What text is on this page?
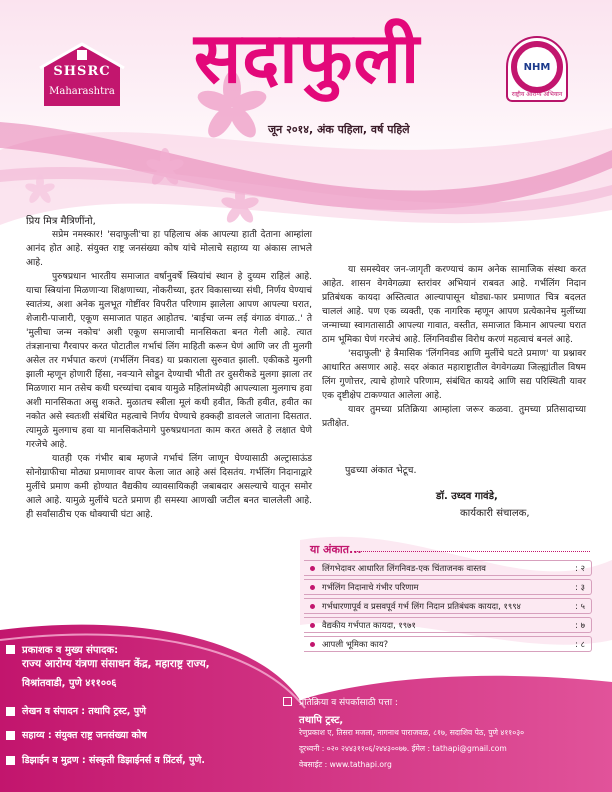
SHSRC
Maharashtra	सदाफुली	NHM
राष्ट्रीय आरोग्य अभियान
जून २०१४, अंक पहिला, वर्ष पहिले
प्रिय मित्र मैत्रिणींनो,

सप्रेम नमस्कार! 'सदाफुली'चा हा पहिलाच अंक आपल्या हाती देताना आम्हांला आनंद होत आहे. संयुक्त राष्ट्र जनसंख्या कोष यांचे मोलाचे सहाय्य या अंकास लाभले आहे.

पुरुषप्रधान भारतीय समाजात वर्षानुवर्षे स्त्रियांचं स्थान हे दुय्यम राहिलं आहे. याचा स्त्रियांना मिळणाऱ्या शिक्षणाच्या, नोकरीच्या, इतर विकासाच्या संधी, निर्णय घेण्याचं स्वातंत्र्य, अशा अनेक मुलभूत गोष्टींवर विपरीत परिणाम झालेला आपण आपल्या घरात, शेजारी-पाजारी, एकूण समाजात पाहत आहोतच. 'बाईचा जन्म लई वंगाळ वंगाळ..' ते 'मुलीचा जन्म नकोच' अशी एकूण समाजाची मानसिकता बनत गेली आहे. त्यात तंत्रज्ञानाचा गैरवापर करत पोटातील गर्भाचं लिंग माहिती करून घेणं आणि जर ती मुलगी असेल तर गर्भपात करणं (गर्भलिंग निवड) या प्रकाराला सुरुवात झाली. एकीकडे मुलगी झाली म्हणून होणारी हिंसा, नवऱ्याने सोडून देण्याची भीती तर दुसरीकडे मुलगा झाला तर मिळणारा मान तसेच कधी घरच्यांचा दबाव यामुळे महिलांमध्येही आपल्याला मुलगाच हवा अशी मानसिकता असु शकते. मुळातच स्त्रीला मूलं कधी हवीत, किती हवीत, हवीत का नकोत असे स्वतःशी संबंधित महत्वाचे निर्णय घेण्याचे हक्कही डावलले जाताना दिसतात. त्यामुळे मुलगाच हवा या मानसिकतेमागे पुरुषप्रधानता काम करत असते हे लक्षात घेणे गरजेचे आहे.

यातही एक गंभीर बाब म्हणजे गर्भाचं लिंग जाणून घेण्यासाठी अल्ट्रासाऊंड सोनोग्राफीचा मोठ्या प्रमाणावर वापर केला जात आहे असं दिसतंय. गर्भलिंग निदानाद्वारे मुलींचे प्रमाण कमी होण्यात वैद्यकीय व्यावसायिकही जबाबदार असल्याचे यातून समोर आले आहे. यामुळे मुलींचे घटते प्रमाण ही समस्या आणखी जटील बनत चाललेली आहे. ही सर्वांसाठीच एक धोक्याची घंटा आहे.

या समस्येवर जन-जागृती करण्याचं काम अनेक सामाजिक संस्था करत आहेत. शासन वेगवेगळ्या स्तरांवर अभियानं राबवत आहे. गर्भलिंग निदान प्रतिबंधक कायदा अस्तित्वात आल्यापासून थोड्या-फार प्रमाणात चित्र बदलत चाललं आहे. पण एक व्यक्ती, एक नागरिक म्हणून आपण प्रत्येकानेच मुलींच्या जन्माच्या स्वागतासाठी आपल्या गावात, वस्तीत, समाजात किमान आपल्या घरात ठाम भूमिका घेणं गरजेचं आहे. लिंगनिवडीस विरोध करणं महत्वाचं बनलं आहे.

'सदाफुली' हे त्रैमासिक 'लिंगनिवड आणि मुलींचे घटते प्रमाण' या प्रश्नावर आधारित असणार आहे. सदर अंकात महाराष्ट्रातील वेगवेगळ्या जिल्ह्यांतील विषम लिंग गुणोत्तर, त्याचे होणारे परिणाम, संबंधित कायदे आणि सद्य परिस्थिती यावर एक दृष्टीक्षेप टाकण्यात आलेला आहे.

यावर तुमच्या प्रतिक्रिया आम्हांला जरूर कळवा. तुमच्या प्रतिसादाच्या प्रतीक्षेत.

पुढच्या अंकात भेटूच.
डॉ. उध्दव गावंडे,
कार्यकारी संचालक,
या अंकात...
लिंगभेदावर आधारित लिंगनिवड-एक चिंताजनक वास्तव	: २
गर्भलिंग निदानाचे गंभीर परिणाम	: ३
गर्भधारणापूर्व व प्रसवपूर्व गर्भ लिंग निदान प्रतिबंधक कायदा, १९९४	: ५
वैद्यकीय गर्भपात कायदा, १९७१	: ७
आपली भूमिका काय?	: ८
प्रकाशक व मुख्य संपादक:
राज्य आरोग्य यंत्रणा संसाधन केंद्र, महाराष्ट्र राज्य,
विश्रांतवाडी, पुणे ४११००६
लेखन व संपादन : तथापि ट्रस्ट, पुणे
सहाय्य : संयुक्त राष्ट्र जनसंख्या कोष
डिझाईन व मुद्रण : संस्कृती डिझाईनर्स व प्रिंटर्स, पुणे.
प्रतिक्रिया व संपर्कासाठी पत्ता :
तथापि ट्रस्ट,
रेणुप्रकाश ए, तिसरा मजला, नागनाथ पाराजवळ, ८१७, सदाशिव पेठ, पुणे ४११०३०
दूरध्वनी : ०२० २४४३११०६/२४४३००७७. ईमेल : tathapi@gmail.com
वेबसाईट : www.tathapi.org
